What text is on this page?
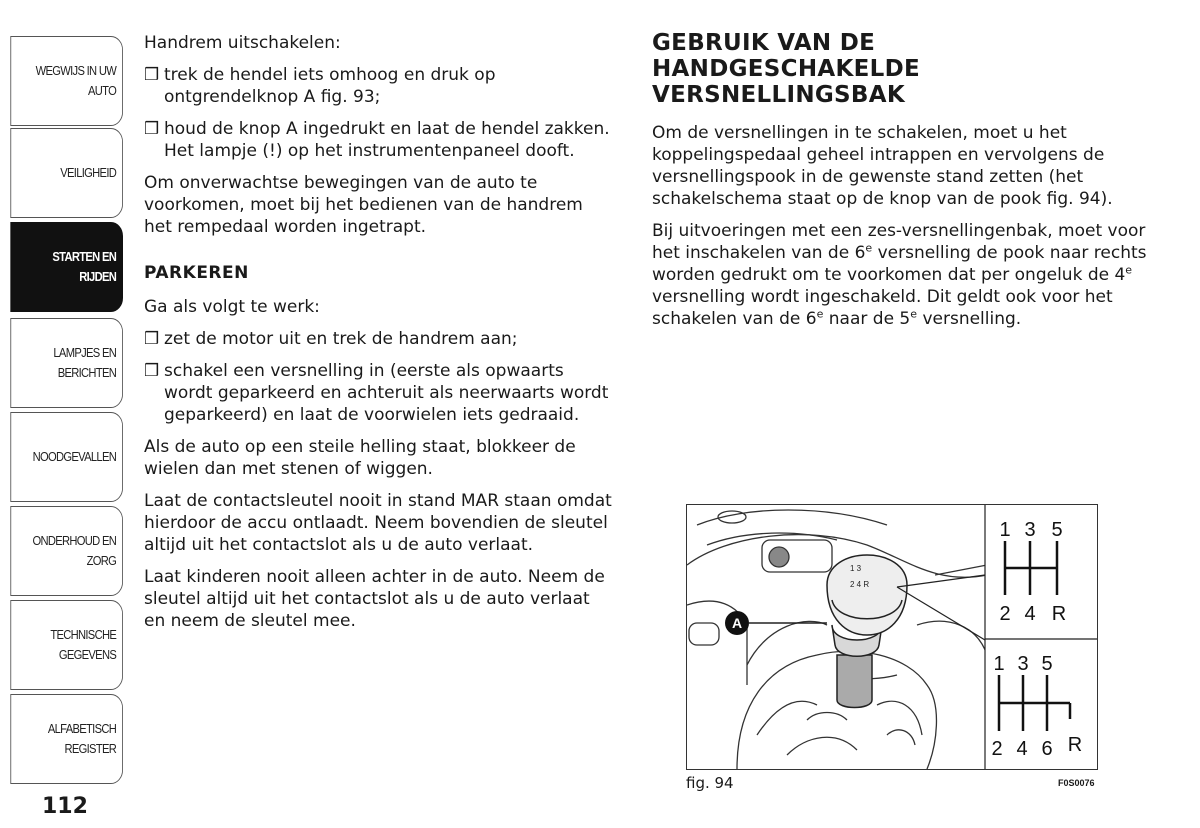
WEGWIJS IN UW
AUTO
VEILIGHEID
STARTEN EN
RIJDEN
LAMPJES EN
BERICHTEN
NOODGEVALLEN
ONDERHOUD EN
ZORG
TECHNISCHE
GEGEVENS
ALFABETISCH
REGISTER
112

Handrem uitschakelen:

❒ trek de hendel iets omhoog en druk op ontgrendelknop A fig. 93;
❒ houd de knop A ingedrukt en laat de hendel zakken. Het lampje (!) op het instrumentenpaneel dooft.

Om onverwachtse bewegingen van de auto te voorkomen, moet bij het bedienen van de handrem het rempedaal worden ingetrapt.

PARKEREN

Ga als volgt te werk:

❒ zet de motor uit en trek de handrem aan;
❒ schakel een versnelling in (eerste als opwaarts wordt geparkeerd en achteruit als neerwaarts wordt geparkeerd) en laat de voorwielen iets gedraaid.

Als de auto op een steile helling staat, blokkeer de wielen dan met stenen of wiggen.

Laat de contactsleutel nooit in stand MAR staan omdat hierdoor de accu ontlaadt. Neem bovendien de sleutel altijd uit het contactslot als u de auto verlaat.

Laat kinderen nooit alleen achter in de auto. Neem de sleutel altijd uit het contactslot als u de auto verlaat en neem de sleutel mee.

GEBRUIK VAN DE
HANDGESCHAKELDE
VERSNELLINGSBAK

Om de versnellingen in te schakelen, moet u het koppelingspedaal geheel intrappen en vervolgens de versnellingspook in de gewenste stand zetten (het schakelschema staat op de knop van de pook fig. 94).

Bij uitvoeringen met een zes-versnellingenbak, moet voor het inschakelen van de 6e versnelling de pook naar rechts worden gedrukt om te voorkomen dat per ongeluk de 4e versnelling wordt ingeschakeld. Dit geldt ook voor het schakelen van de 6e naar de 5e versnelling.

1 3
2 4 R
A
1 3 5
2 4 R
1 3 5
2 4 6 R
fig. 94	F0S0076
